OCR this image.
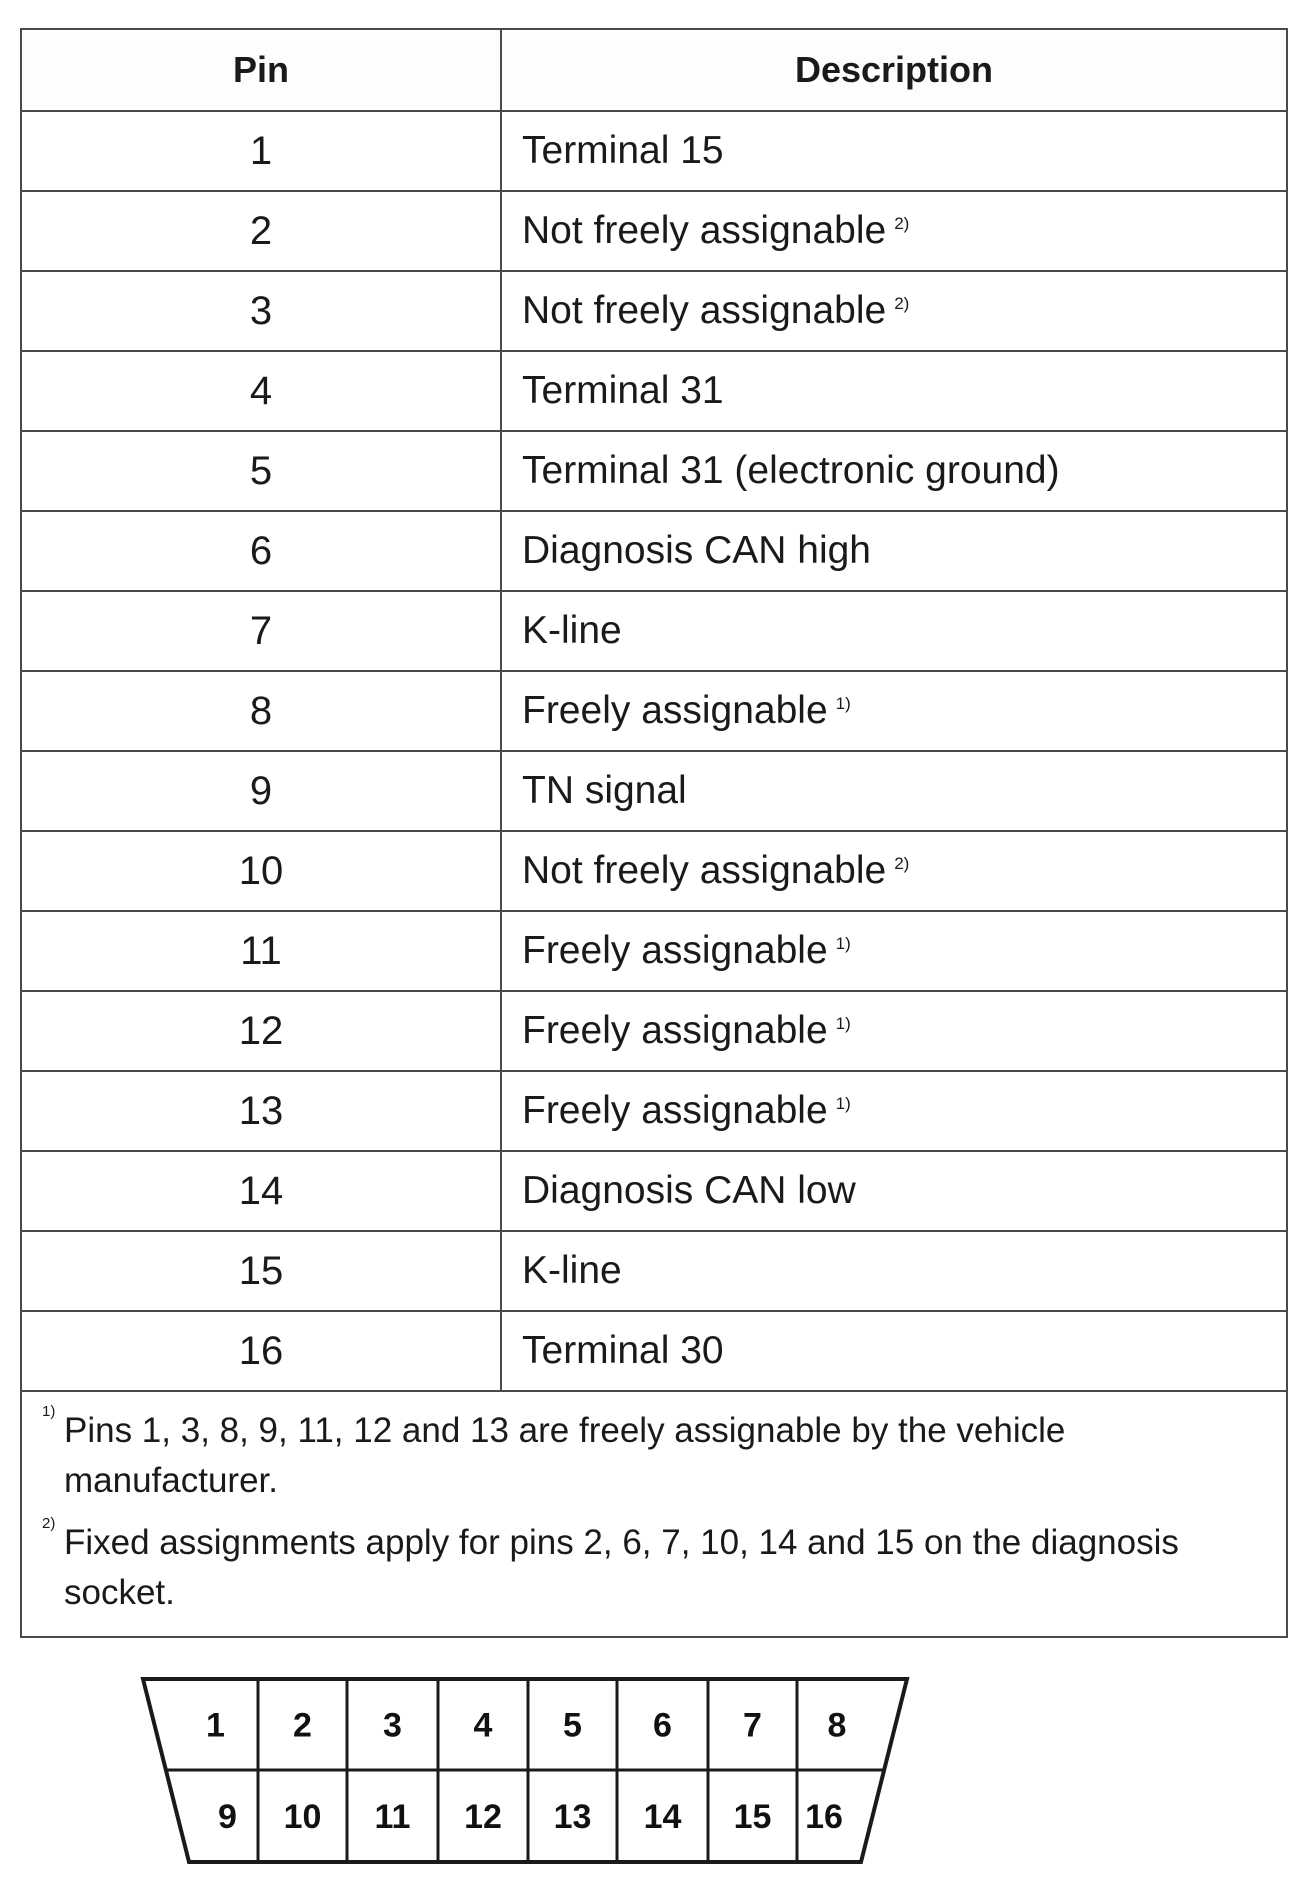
Pin	Description
1	Terminal 15
2	Not freely assignable $^{2)}$
3	Not freely assignable $^{2)}$
4	Terminal 31
5	Terminal 31 (electronic ground)
6	Diagnosis CAN high
7	K-line
8	Freely assignable $^{1)}$
9	TN signal
10	Not freely assignable $^{2)}$
11	Freely assignable $^{1)}$
12	Freely assignable $^{1)}$
13	Freely assignable $^{1)}$
14	Diagnosis CAN low
15	K-line
16	Terminal 30

1) Pins 1, 3, 8, 9, 11, 12 and 13 are freely assignable by the vehicle manufacturer.
2) Fixed assignments apply for pins 2, 6, 7, 10, 14 and 15 on the diagnosis socket.	
1 2 3 4 5 6 7 8
9 10 11 12 13 14 15 16
